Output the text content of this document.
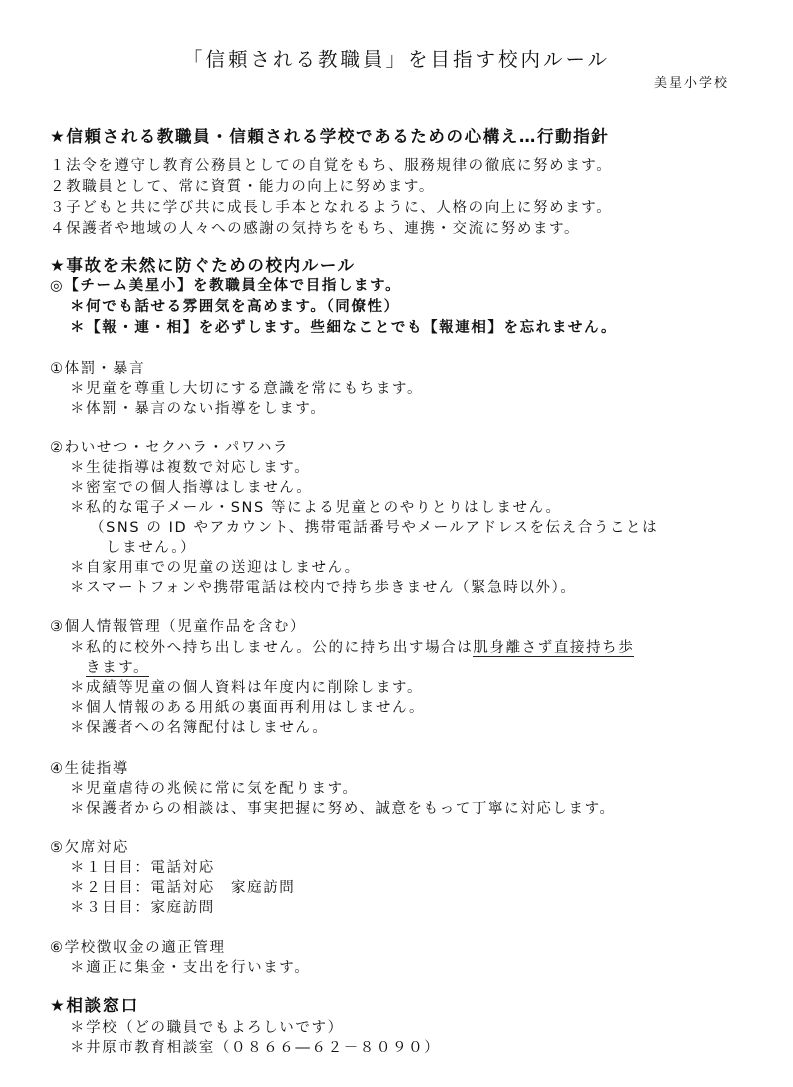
「信頼される教職員」を目指す校内ルール
美星小学校
★信頼される教職員・信頼される学校であるための心構え…行動指針
１法令を遵守し教育公務員としての自覚をもち、服務規律の徹底に努めます。
２教職員として、常に資質・能力の向上に努めます。
３子どもと共に学び共に成長し手本となれるように、人格の向上に努めます。
４保護者や地域の人々への感謝の気持ちをもち、連携・交流に努めます。
★事故を未然に防ぐための校内ルール
◎【チーム美星小】を教職員全体で目指します。
＊何でも話せる雰囲気を高めます。（同僚性）
＊【報・連・相】を必ずします。些細なことでも【報連相】を忘れません。
①体罰・暴言
＊児童を尊重し大切にする意識を常にもちます。
＊体罰・暴言のない指導をします。
②わいせつ・セクハラ・パワハラ
＊生徒指導は複数で対応します。
＊密室での個人指導はしません。
＊私的な電子メール・SNS 等による児童とのやりとりはしません。
（SNS の ID やアカウント、携帯電話番号やメールアドレスを伝え合うことは
しません。）
＊自家用車での児童の送迎はしません。
＊スマートフォンや携帯電話は校内で持ち歩きません（緊急時以外）。
③個人情報管理（児童作品を含む）
＊私的に校外へ持ち出しません。公的に持ち出す場合は肌身離さず直接持ち歩
きます。
＊成績等児童の個人資料は年度内に削除します。
＊個人情報のある用紙の裏面再利用はしません。
＊保護者への名簿配付はしません。
④生徒指導
＊児童虐待の兆候に常に気を配ります。
＊保護者からの相談は、事実把握に努め、誠意をもって丁寧に対応します。
⑤欠席対応
＊１日目：電話対応
＊２日目：電話対応　家庭訪問
＊３日目：家庭訪問
⑥学校徴収金の適正管理
＊適正に集金・支出を行います。
★相談窓口
＊学校（どの職員でもよろしいです）
＊井原市教育相談室（０８６６―６２－８０９０）
